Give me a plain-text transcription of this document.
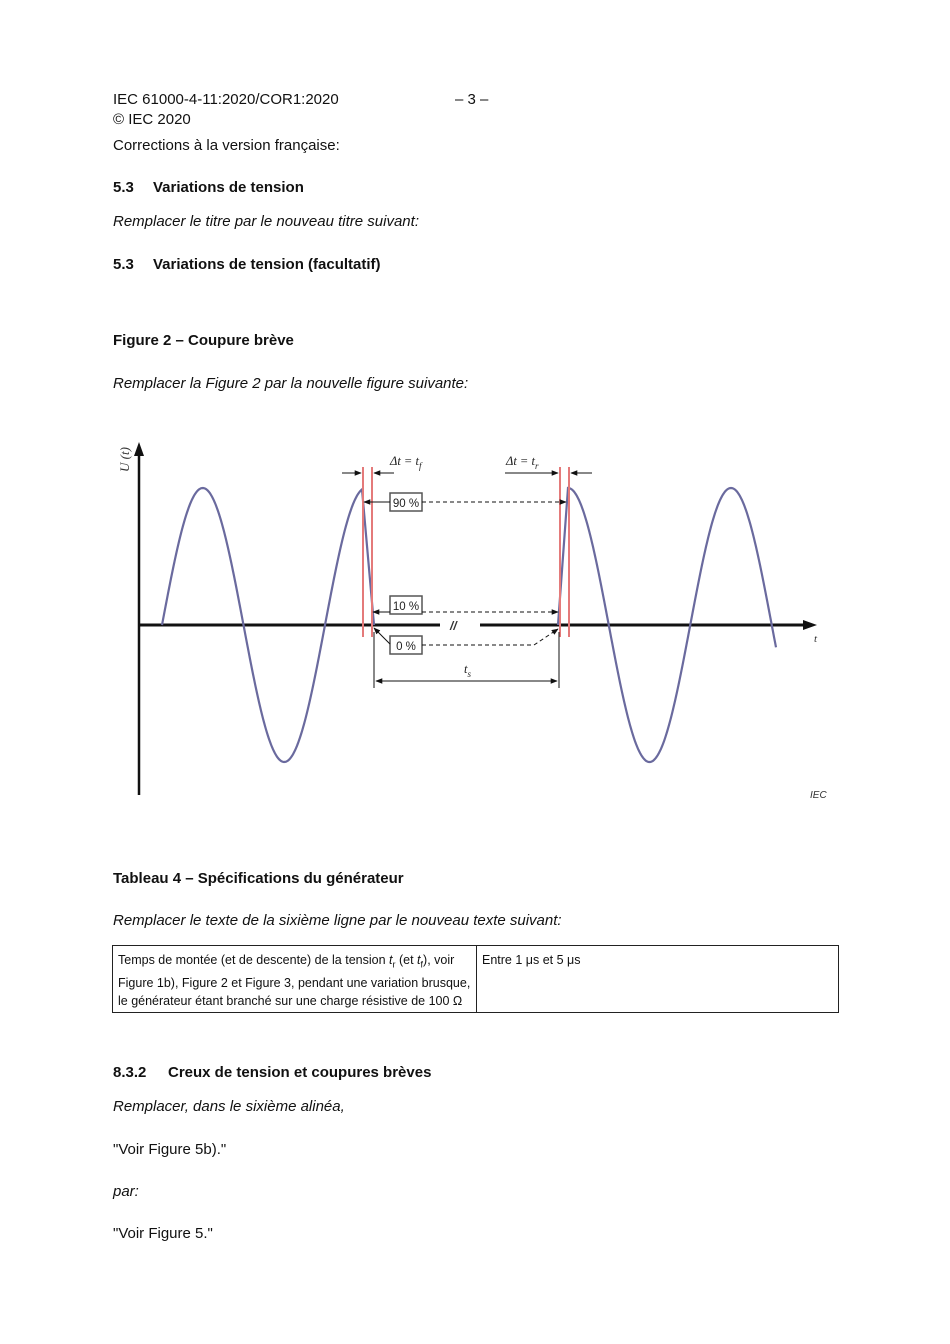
IEC 61000-4-11:2020/COR1:2020	– 3 –
© IEC 2020
Corrections à la version française:
5.3 Variations de tension
Remplacer le titre par le nouveau titre suivant:
5.3 Variations de tension (facultatif)
Figure 2 – Coupure brève
Remplacer la Figure 2 par la nouvelle figure suivante:
U (t)
t
//
$\Delta t = t_f$	$\Delta t = t_r$
90 %
10 %
0 %
$t_s$
IEC
Tableau 4 – Spécifications du générateur
Remplacer le texte de la sixième ligne par le nouveau texte suivant:
Temps de montée (et de descente) de la tension $t_r$ (et $t_f$), voir Figure 1b), Figure 2 et Figure 3, pendant une variation brusque, le générateur étant branché sur une charge résistive de 100 Ω	Entre 1 μs et 5 μs
8.3.2 Creux de tension et coupures brèves
Remplacer, dans le sixième alinéa,
"Voir Figure 5b)."
par:
"Voir Figure 5."
